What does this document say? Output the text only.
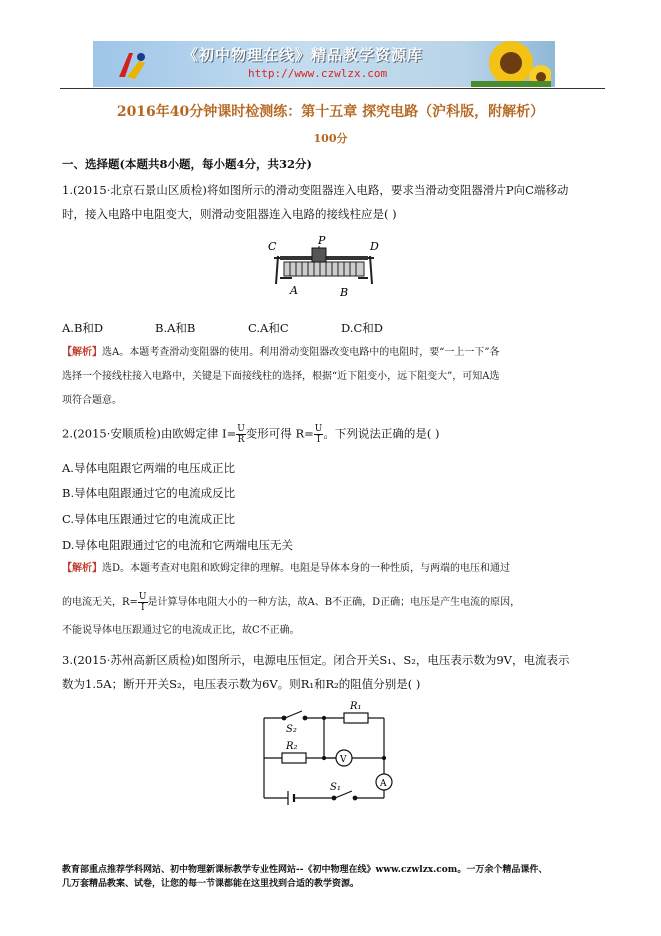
《初中物理在线》精品教学资源库
http://www.czwlzx.com
2016年40分钟课时检测练：第十五章 探究电路（沪科版，附解析）
100分
一、选择题(本题共8小题，每小题4分，共32分)
1.(2015·北京石景山区质检)将如图所示的滑动变阻器连入电路，要求当滑动变阻器滑片P向C端移动
时，接入电路中电阻变大，则滑动变阻器连入电路的接线柱应是( )
C	P	D
A	B
A.B和D	B.A和B	C.A和C	D.C和D
【解析】选A。本题考查滑动变阻器的使用。利用滑动变阻器改变电路中的电阻时，要“一上一下”各
选择一个接线柱接入电路中，关键是下面接线柱的选择，根据“近下阻变小，远下阻变大”，可知A选
项符合题意。
2.(2015·安顺质检)由欧姆定律 $I= \frac{U}{R}$ 变形可得 $R= \frac{U}{I}$ 。下列说法正确的是( )
A.导体电阻跟它两端的电压成正比
B.导体电阻跟通过它的电流成反比
C.导体电压跟通过它的电流成正比
D.导体电阻跟通过它的电流和它两端电压无关
【解析】选D。本题考查对电阻和欧姆定律的理解。电阻是导体本身的一种性质，与两端的电压和通过
的电流无关，$R= \frac{U}{I}$ 是计算导体电阻大小的一种方法，故A、B不正确，D正确；电压是产生电流的原因，
不能说导体电压跟通过它的电流成正比，故C不正确。
3.(2015·苏州高新区质检)如图所示，电源电压恒定。闭合开关S₁、S₂，电压表示数为9V，电流表示
数为1.5A；断开开关S₂，电压表示数为6V。则R₁和R₂的阻值分别是( )
R₁
S₂
R₂
V
A
S₁
教育部重点推荐学科网站、初中物理新课标教学专业性网站--《初中物理在线》www.czwlzx.com。一万余个精品课件、
几万套精品教案、试卷，让您的每一节课都能在这里找到合适的教学资源。
